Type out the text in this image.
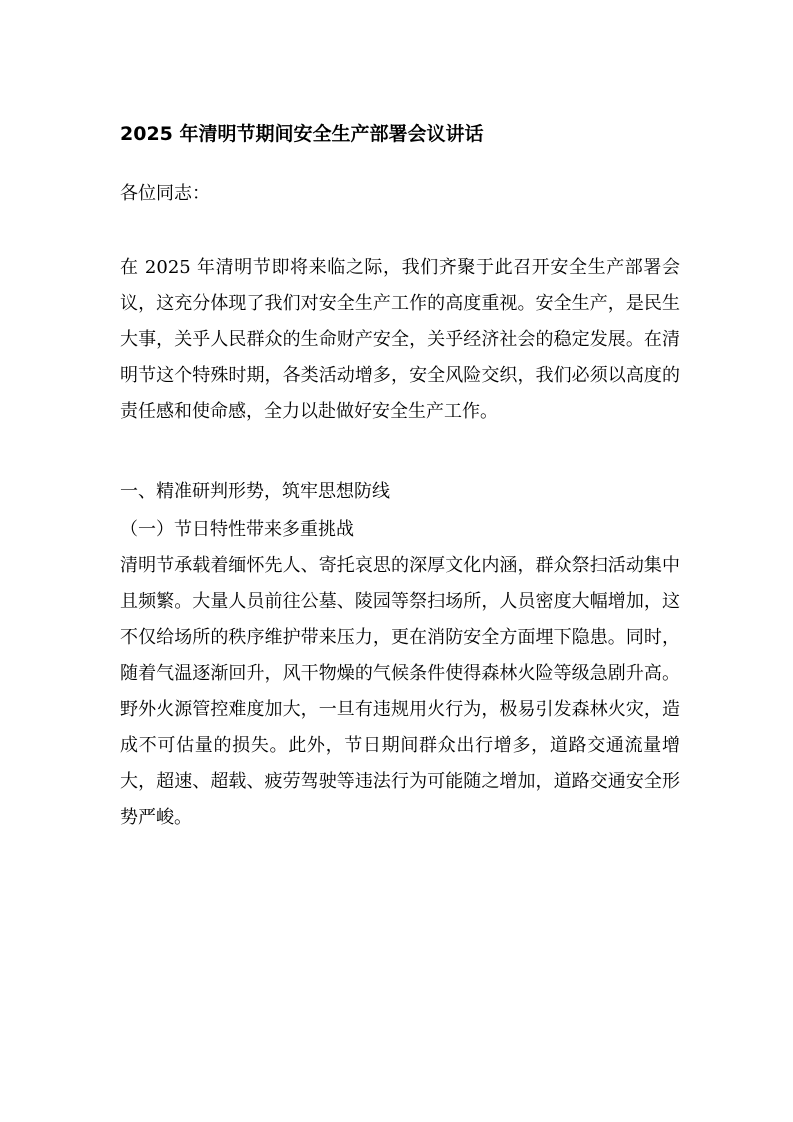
2025 年清明节期间安全生产部署会议讲话
各位同志：

在 2025 年清明节即将来临之际，我们齐聚于此召开安全生产部署会议，这充分体现了我们对安全生产工作的高度重视。安全生产，是民生大事，关乎人民群众的生命财产安全，关乎经济社会的稳定发展。在清明节这个特殊时期，各类活动增多，安全风险交织，我们必须以高度的责任感和使命感，全力以赴做好安全生产工作。

一、精准研判形势，筑牢思想防线
（一）节日特性带来多重挑战

清明节承载着缅怀先人、寄托哀思的深厚文化内涵，群众祭扫活动集中且频繁。大量人员前往公墓、陵园等祭扫场所，人员密度大幅增加，这不仅给场所的秩序维护带来压力，更在消防安全方面埋下隐患。同时，随着气温逐渐回升，风干物燥的气候条件使得森林火险等级急剧升高。野外火源管控难度加大，一旦有违规用火行为，极易引发森林火灾，造成不可估量的损失。此外，节日期间群众出行增多，道路交通流量增大，超速、超载、疲劳驾驶等违法行为可能随之增加，道路交通安全形势严峻。
